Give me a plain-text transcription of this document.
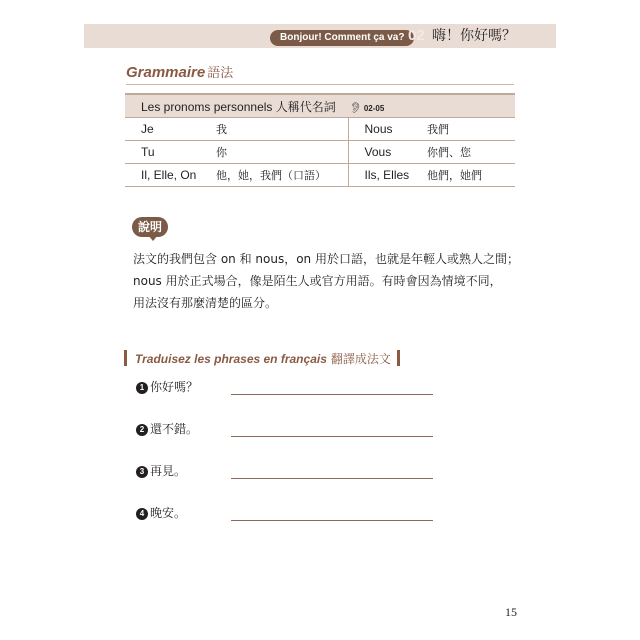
Bonjour! Comment ça va? 02 嗨！你好嗎？
Grammaire 語法
Les pronoms personnels 人稱代名詞 👂︎ 02-05			
Je	我	Nous	我們
Tu	你	Vous	你們、您
Il, Elle, On	他，她，我們（口語）	Ils, Elles	他們，她們
說明
法文的我們包含 on 和 nous，on 用於口語，也就是年輕人或熟人之間；
nous 用於正式場合，像是陌生人或官方用語。有時會因為情境不同，
用法沒有那麼清楚的區分。
Traduisez les phrases en français 翻譯成法文
1 你好嗎？
2 還不錯。
3 再見。
4 晚安。
15
